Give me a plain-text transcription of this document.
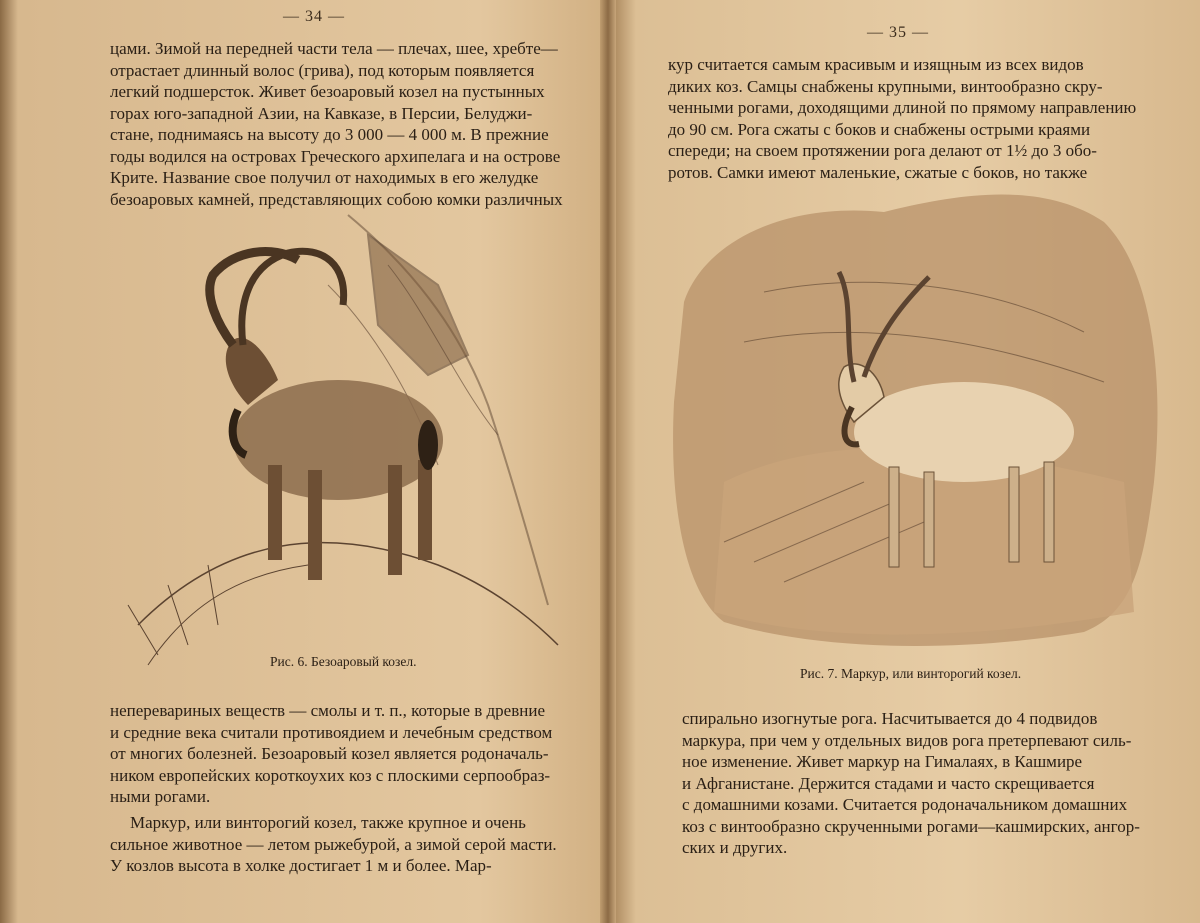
— 34 —
цами. Зимой на передней части тела — плечах, шее, хребте—
отрастает длинный волос (грива), под которым появляется
легкий подшерсток. Живет безоаровый козел на пустынных
горах юго-западной Азии, на Кавказе, в Персии, Белуджи-
стане, поднимаясь на высоту до 3 000 — 4 000 м. В прежние
годы водился на островах Греческого архипелага и на острове
Крите. Название свое получил от находимых в его желудке
безоаровых камней, представляющих собою комки различных
Рис. 6. Безоаровый козел.
неперевариных веществ — смолы и т. п., которые в древние
и средние века считали противоядием и лечебным средством
от многих болезней. Безоаровый козел является родоначаль-
ником европейских короткоухих коз с плоскими серпообраз-
ными рогами.
Маркур, или винторогий козел, также крупное и очень
сильное животное — летом рыжебурой, а зимой серой масти.
У козлов высота в холке достигает 1 м и более. Мар-
— 35 —
кур считается самым красивым и изящным из всех видов
диких коз. Самцы снабжены крупными, винтообразно скру-
ченными рогами, доходящими длиной по прямому направлению
до 90 см. Рога сжаты с боков и снабжены острыми краями
спереди; на своем протяжении рога делают от 1½ до 3 обо-
ротов. Самки имеют маленькие, сжатые с боков, но также
Рис. 7. Маркур, или винторогий козел.
спирально изогнутые рога. Насчитывается до 4 подвидов
маркура, при чем у отдельных видов рога претерпевают силь-
ное изменение. Живет маркур на Гималаях, в Кашмире
и Афганистане. Держится стадами и часто скрещивается
с домашними козами. Считается родоначальником домашних
коз с винтообразно скрученными рогами—кашмирских, ангор-
ских и других.
